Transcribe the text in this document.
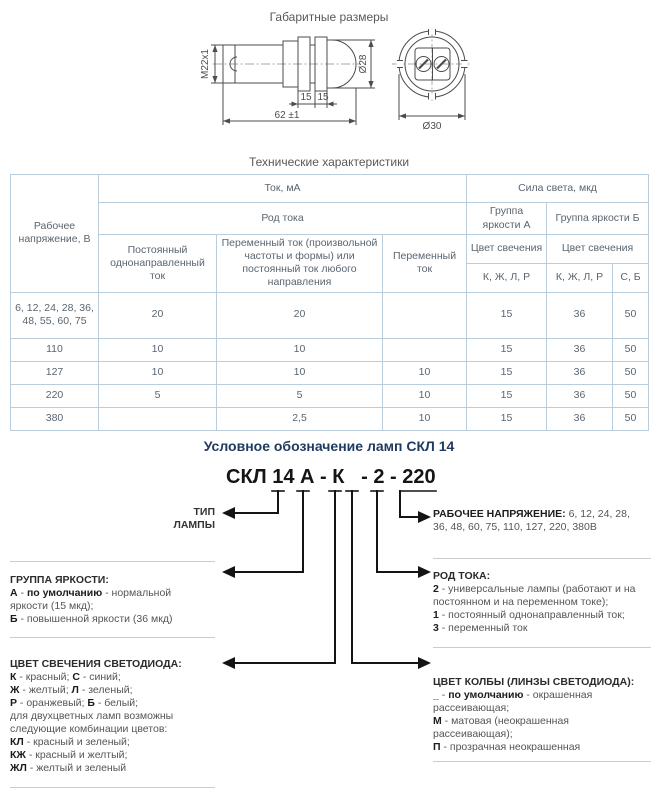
Габаритные размеры
M22x1	Ø28
15 15
62 ±1
Ø30
Технические характеристики
Рабочее напряжение, В	Ток, мА			Сила света, мкд		
	Род тока			Группа яркости А	Группа яркости Б	
	Постоянный однонаправленный ток	Переменный ток (произвольной частоты и формы) или постоянный ток любого направления	Переменный ток	Цвет свечения	Цвет свечения	
				К, Ж, Л, Р	К, Ж, Л, Р	С, Б
6, 12, 24, 28, 36, 48, 55, 60, 75	20	20		15	36	50
110	10	10		15	36	50
127	10	10	10	15	36	50
220	5	5	10	15	36	50
380		2,5	10	15	36	50
Условное обозначение ламп СКЛ 14
СКЛ 14 А - К   - 2 - 220
ТИП
ЛАМПЫ
ГРУППА ЯРКОСТИ:
А - по умолчанию - нормальной
яркости (15 мкд);
Б - повышенной яркости (36 мкд)
ЦВЕТ СВЕЧЕНИЯ СВЕТОДИОДА:
К - красный; С - синий;
Ж - желтый; Л - зеленый;
Р - оранжевый; Б - белый;
для двухцветных ламп возможны
следующие комбинации цветов:
КЛ - красный и зеленый;
КЖ - красный и желтый;
ЖЛ - желтый и зеленый
РАБОЧЕЕ НАПРЯЖЕНИЕ: 6, 12, 24, 28,
36, 48, 60, 75, 110, 127, 220, 380В
РОД ТОКА:
2 - универсальные лампы (работают и на
постоянном и на переменном токе);
1 - постоянный однонаправленный ток;
3 - переменный ток
ЦВЕТ КОЛБЫ (ЛИНЗЫ СВЕТОДИОДА):
_ - по умолчанию - окрашенная
рассеивающая;
М - матовая (неокрашенная
рассеивающая);
П - прозрачная неокрашенная
